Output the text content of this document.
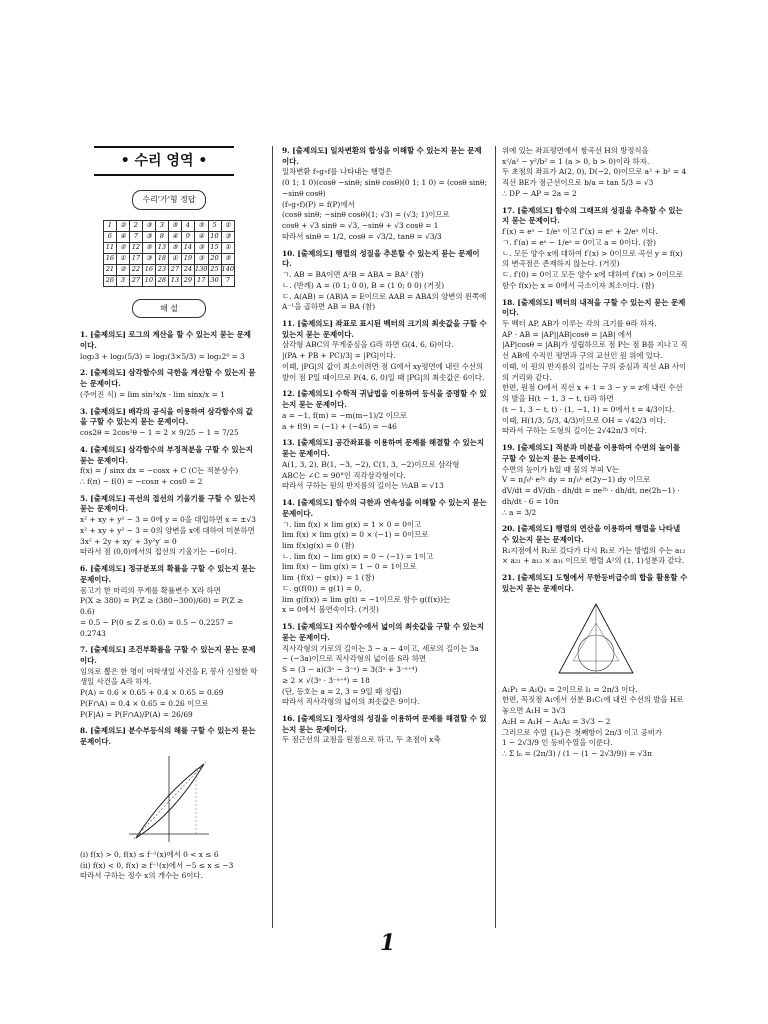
• 수리 영역 •
수리'가'형 정답
1	②	2	③	3	⑤	4	⑤	5	①
6	④	7	③	8	④	9	④	10	③
11	②	12	⑤	13	⑤	14	③	15	①
16	①	17	③	18	①	19	③	20	⑤
21	②	22	16	23	27	24	130	25	140
26	3	27	10	28	13	29	17	30	7
해 설
1. [출제의도] 로그의 계산을 할 수 있는지 묻는 문제이다.
log₂3 + log₂(5/3) = log₂(3×5/3) = log₂2⁰ = 3
2. [출제의도] 삼각함수의 극한을 계산할 수 있는지 묻는 문제이다.
(주어진 식) = lim sin²x/x · lim sinx/x = 1
3. [출제의도] 배각의 공식을 이용하여 삼각함수의 값을 구할 수 있는지 묻는 문제이다.
cos2θ = 2cos²θ − 1 = 2 × 9/25 − 1 = 7/25
4. [출제의도] 삼각함수의 부정적분을 구할 수 있는지 묻는 문제이다.
f(x) = ∫ sinx dx = −cosx + C (C는 적분상수)
∴ f(π) − f(0) = −cosπ + cos0 = 2
5. [출제의도] 곡선의 접선의 기울기를 구할 수 있는지 묻는 문제이다.
x² + xy + y² − 3 = 0에 y = 0을 대입하면 x = ±√3
x² + xy + y² − 3 = 0의 양변을 x에 대하여 미분하면
3x² + 2y + xy′ + 3y²y′ = 0
따라서 점 (0,0)에서의 접선의 기울기는 −6이다.
6. [출제의도] 정규분포의 확률을 구할 수 있는지 묻는 문제이다.
몸고기 한 마리의 무게를 확률변수 X라 하면
P(X ≥ 380) = P(Z ≥ (380−300)/60) = P(Z ≥ 0.6)
= 0.5 − P(0 ≤ Z ≤ 0.6) = 0.5 − 0.2257 = 0.2743
7. [출제의도] 조건부확률을 구할 수 있는지 묻는 문제이다.
임의로 뽑은 한 명이 여학생일 사건을 F, 봉사 신청한 학생일 사건을 A라 하자.
P(A) = 0.6 × 0.65 + 0.4 × 0.65 = 0.69
P(F∩A) = 0.4 × 0.65 = 0.26 이므로
P(F|A) = P(F∩A)/P(A) = 26/69
8. [출제의도] 분수부등식의 해를 구할 수 있는지 묻는 문제이다.
(i) f(x) > 0, f(x) ≤ f⁻¹(x)에서 0 < x ≤ 6
(ii) f(x) < 0, f(x) ≥ f⁻¹(x)에서 −5 ≤ x ≤ −3
따라서 구하는 정수 x의 개수는 6이다.
9. [출제의도] 일차변환의 합성을 이해할 수 있는지 묻는 문제이다.
일차변환 f∘g∘f를 나타내는 행렬은
(0 1; 1 0)(cosθ −sinθ; sinθ cosθ)(0 1; 1 0) = (cosθ sinθ; −sinθ cosθ)
(f∘g∘f)(P) = f(P)에서
(cosθ sinθ; −sinθ cosθ)(1; √3) = (√3; 1)이므로
cosθ + √3 sinθ = √3, −sinθ + √3 cosθ = 1
따라서 sinθ = 1/2, cosθ = √3/2, tanθ = √3/3
10. [출제의도] 행렬의 성질을 추론할 수 있는지 묻는 문제이다.
ㄱ. AB = BA이면 A²B = ABA = BA² (참)
ㄴ. (반례) A = (0 1; 0 0), B = (1 0; 0 0) (거짓)
ㄷ. A(AB) = (AB)A = E이므로 AAB = ABA의 양변의 왼쪽에 A⁻¹을 곱하면 AB = BA (참)
11. [출제의도] 좌표로 표시된 벡터의 크기의 최솟값을 구할 수 있는지 묻는 문제이다.
삼각형 ABC의 무게중심을 G라 하면 G(4, 6, 6)이다.
|(PA + PB + PC)/3| = |PG|이다.
이때, |PG|의 값이 최소이려면 점 G에서 xy평면에 내린 수선의 발이 점 P일 때이므로 P(4, 6, 0)일 때 |PG|의 최솟값은 6이다.
12. [출제의도] 수학적 귀납법을 이용하여 등식을 증명할 수 있는지 묻는 문제이다.
a = −1, f(m) = −m(m−1)/2 이므로
a + f(9) = (−1) + (−45) = −46
13. [출제의도] 공간좌표를 이용하여 문제를 해결할 수 있는지 묻는 문제이다.
A(1, 3, 2), B(1, −3, −2), C(1, 3, −2)이므로 삼각형
ABC는 ∠C = 90°인 직각삼각형이다.
따라서 구하는 원의 반지름의 길이는 ½AB = √13
14. [출제의도] 함수의 극한과 연속성을 이해할 수 있는지 묻는 문제이다.
ㄱ. lim f(x) × lim g(x) = 1 × 0 = 0이고
lim f(x) × lim g(x) = 0 × (−1) = 0이므로
lim f(x)g(x) = 0 (참)
ㄴ. lim f(x) − lim g(x) = 0 − (−1) = 1이고
lim f(x) − lim g(x) = 1 − 0 = 1이므로
lim {f(x) − g(x)} = 1 (참)
ㄷ. g(f(0)) = g(1) = 0,
lim g(f(x)) = lim g(t) = −1이므로 함수 g(f(x))는
x = 0에서 불연속이다. (거짓)
15. [출제의도] 지수함수에서 넓이의 최솟값을 구할 수 있는지 묻는 문제이다.
직사각형의 가로의 길이는 3 − a − 4이고, 세로의 길이는 3a − (−3a)이므로 직사각형의 넓이를 S라 하면
S = (3 − a)(3ᵃ − 3⁻ᵃ) = 3(3ᵃ + 3⁻ᵃ⁺⁴)
≥ 2 × √(3ᵃ · 3⁻ᵃ⁺⁴) = 18
(단, 등호는 a = 2, 3 = 9일 때 성립)
따라서 직사각형의 넓이의 최솟값은 9이다.
16. [출제의도] 정사영의 성질을 이용하여 문제를 해결할 수 있는지 묻는 문제이다.
두 점근선의 교점을 원점으로 하고, 두 초점이 x축
위에 있는 좌표평면에서 쌍곡선 H의 방정식을
x²/a² − y²/b² = 1 (a > 0, b > 0)이라 하자.
두 초점의 좌표가 A(2, 0), D(−2, 0)이므로 a² + b² = 4
직선 BE가 점근선이므로 b/a = tan 5/3 = √3
∴ DP − AP = 2a = 2
17. [출제의도] 함수의 그래프의 성질을 추측할 수 있는지 묻는 문제이다.
f′(x) = eˣ − 1/eˣ 이고 f″(x) = eˣ + 2/eˣ 이다.
ㄱ. f′(a) = eᵃ − 1/eᵃ = 0이고 a = 0이다. (참)
ㄴ. 모든 양수 x에 대하여 f′(x) > 0이므로 곡선 y = f(x)의 변곡점은 존재하지 않는다. (거짓)
ㄷ. f′(0) = 0이고 모든 양수 x에 대하여 f′(x) > 0이므로 함수 f(x)는 x = 0에서 극소이자 최소이다. (참)
18. [출제의도] 벡터의 내적을 구할 수 있는지 묻는 문제이다.
두 벡터 AP, AB가 이루는 각의 크기를 θ라 하자.
AP · AB = |AP||AB|cosθ = |AB| 에서
|AP|cosθ = |AB|가 성립하므로 점 P는 점 B를 지나고 직선 AB에 수직인 평면과 구의 교선인 원 위에 있다.
이때, 이 원의 반지름의 길이는 구의 중심과 직선 AB 사이의 거리와 같다.
한편, 원점 O에서 직선 x + 1 = 3 − y = z에 내린 수선의 발을 H(t − 1, 3 − t, t)라 하면
(t − 1, 3 − t, t) · (1, −1, 1) = 0에서 t = 4/3이다.
이때, H(1/3, 5/3, 4/3)이므로 OH = √42/3 이다.
따라서 구하는 도형의 길이는 2√42π/3 이다.
19. [출제의도] 적분과 미분을 이용하여 수면의 높이를 구할 수 있는지 묻는 문제이다.
수면의 높이가 h일 때 물의 부피 V는
V = π∫₀ʰ e²ʸ dy = π∫₀ʰ e(2y−1) dy 이므로
dV/dt = dV/dh · dh/dt = πe²ʰ · dh/dt, πe(2h−1) · dh/dt · 6 = 10π
∴ a = 3/2
20. [출제의도] 행렬의 연산을 이용하여 행렬을 나타낼 수 있는지 묻는 문제이다.
R₁지점에서 R₂로 갔다가 다시 R₁로 가는 방법의 수는 a₁₂ × a₂₁ + a₁₃ × a₃₁ 이므로 행렬 A²의 (1, 1)성분과 같다.
21. [출제의도] 도형에서 무한등비급수의 합을 활용할 수 있는지 묻는 문제이다.
A₁P₁ = A₁Q₁ = 2이므로 l₁ = 2π/3 이다.
한편, 꼭짓점 A₁에서 선분 B₁C₁에 내린 수선의 발을 H로 놓으면 A₁H = 3√3
A₂H = A₁H − A₁A₂ = 3√3 − 2
그러므로 수열 {lₙ}은 첫째항이 2π/3 이고 공비가
1 − 2√3/9 인 등비수열을 이룬다.
∴ Σ lₙ = (2π/3) / (1 − (1 − 2√3/9)) = √3π
1
